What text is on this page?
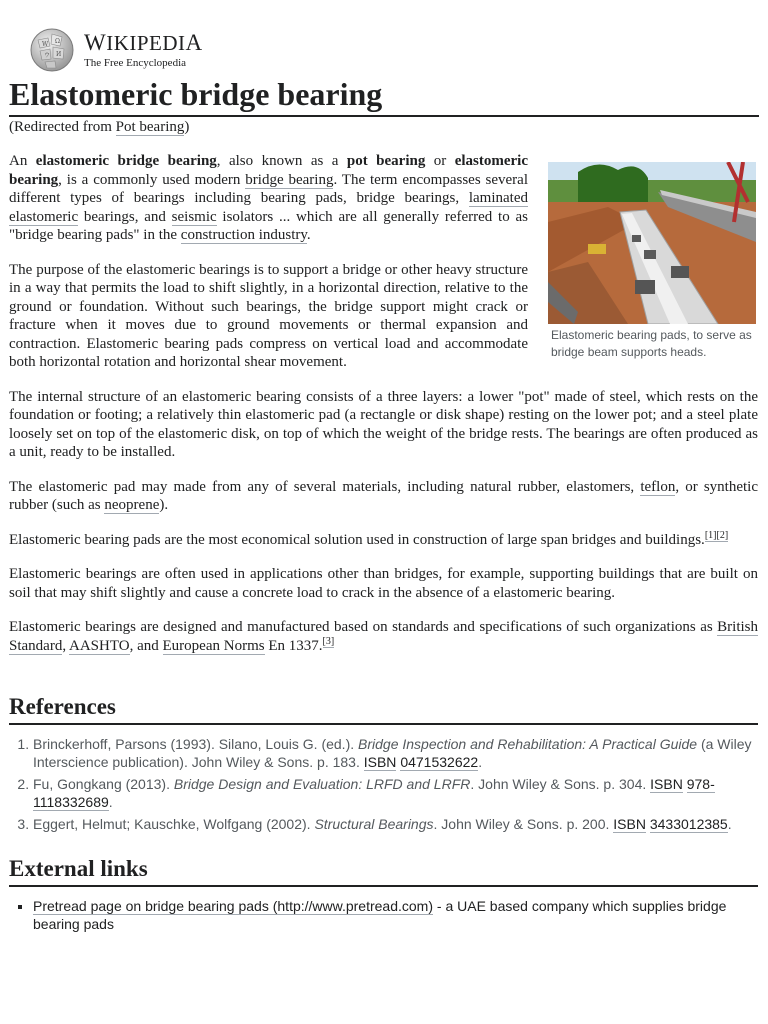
W Ω
ウ И WIKIPEDIA
The Free Encyclopedia
Elastomeric bridge bearing
(Redirected from Pot bearing)
Elastomeric bearing pads, to serve as bridge beam supports heads.

An elastomeric bridge bearing, also known as a pot bearing or elastomeric bearing, is a commonly used modern bridge bearing. The term encompasses several different types of bearings including bearing pads, bridge bearings, laminated elastomeric bearings, and seismic isolators ... which are all generally referred to as "bridge bearing pads" in the construction industry.

The purpose of the elastomeric bearings is to support a bridge or other heavy structure in a way that permits the load to shift slightly, in a horizontal direction, relative to the ground or foundation. Without such bearings, the bridge support might crack or fracture when it moves due to ground movements or thermal expansion and contraction. Elastomeric bearing pads compress on vertical load and accommodate both horizontal rotation and horizontal shear movement.

The internal structure of an elastomeric bearing consists of a three layers: a lower "pot" made of steel, which rests on the foundation or footing; a relatively thin elastomeric pad (a rectangle or disk shape) resting on the lower pot; and a steel plate loosely set on top of the elastomeric disk, on top of which the weight of the bridge rests. The bearings are often produced as a unit, ready to be installed.

The elastomeric pad may made from any of several materials, including natural rubber, elastomers, teflon, or synthetic rubber (such as neoprene).

Elastomeric bearing pads are the most economical solution used in construction of large span bridges and buildings.[1][2]

Elastomeric bearings are often used in applications other than bridges, for example, supporting buildings that are built on soil that may shift slightly and cause a concrete load to crack in the absence of a elastomeric bearing.

Elastomeric bearings are designed and manufactured based on standards and specifications of such organizations as British Standard, AASHTO, and European Norms En 1337.[3]

References
1. Brinckerhoff, Parsons (1993). Silano, Louis G. (ed.). Bridge Inspection and Rehabilitation: A Practical Guide (a Wiley Interscience publication). John Wiley & Sons. p. 183. ISBN 0471532622.
2. Fu, Gongkang (2013). Bridge Design and Evaluation: LRFD and LRFR. John Wiley & Sons. p. 304. ISBN 978-1118332689.
3. Eggert, Helmut; Kauschke, Wolfgang (2002). Structural Bearings. John Wiley & Sons. p. 200. ISBN 3433012385.
External links
▪ Pretread page on bridge bearing pads (http://www.pretread.com) - a UAE based company which supplies bridge bearing pads
